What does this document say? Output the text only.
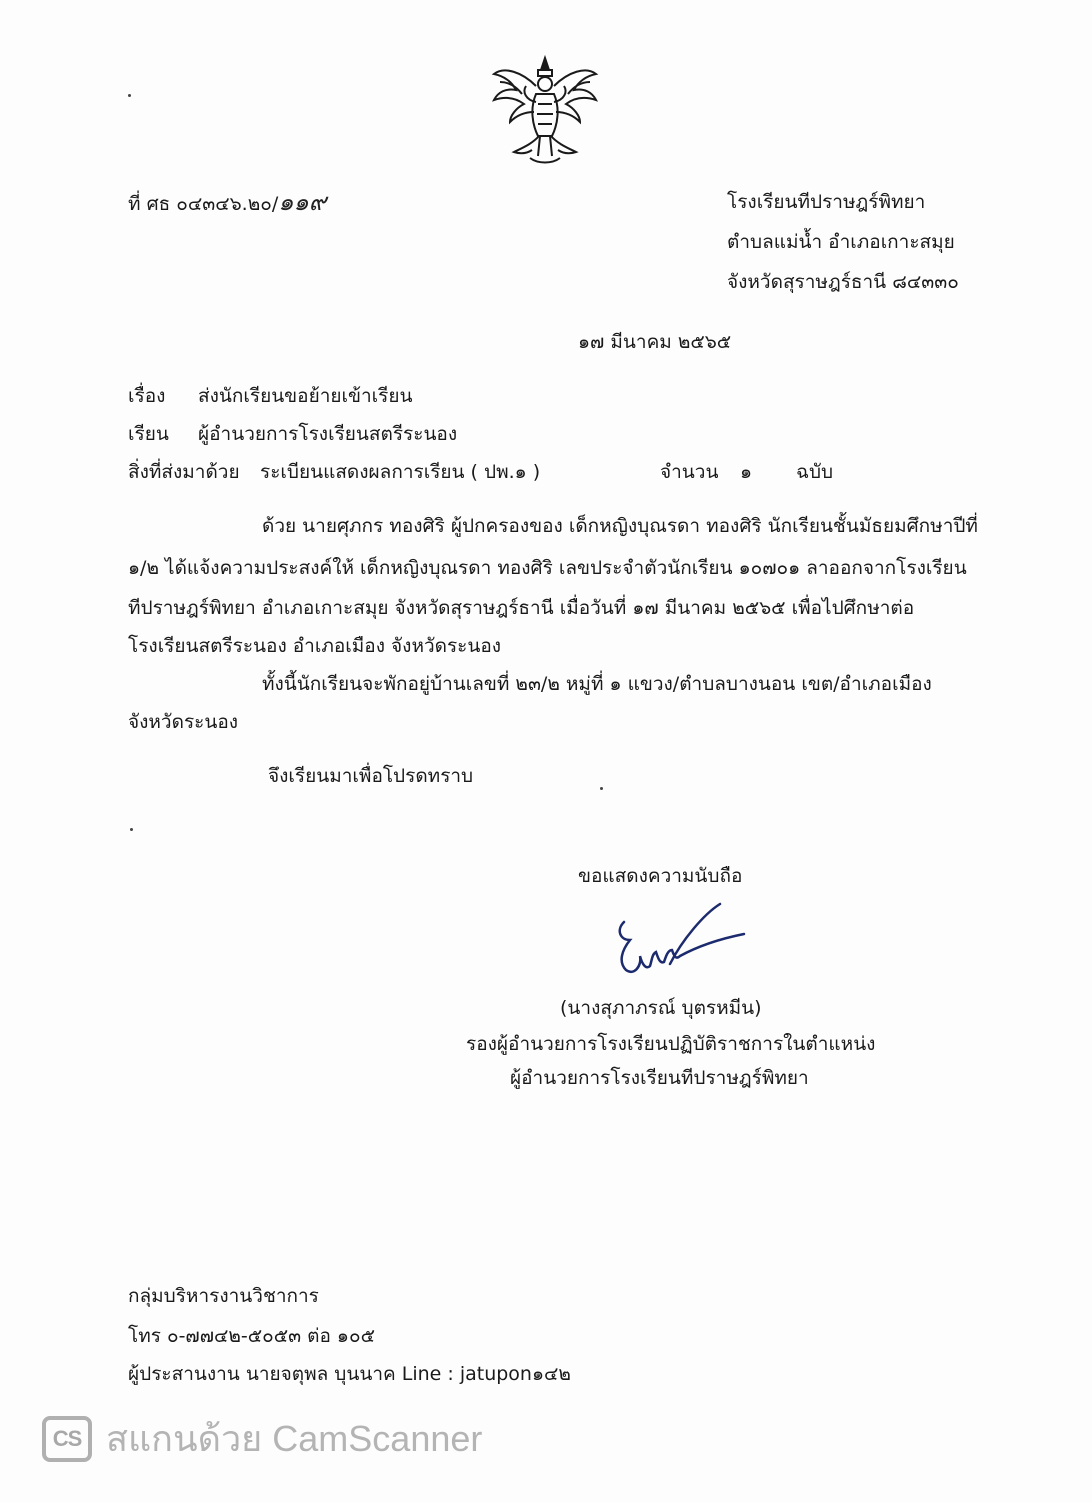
ที่ ศธ ๐๔๓๔๖.๒๐/๑๑๙	โรงเรียนทีปราษฎร์พิทยา
ตำบลแม่น้ำ อำเภอเกาะสมุย
จังหวัดสุราษฎร์ธานี ๘๔๓๓๐
๑๗ มีนาคม ๒๕๖๕
เรื่อง ส่งนักเรียนขอย้ายเข้าเรียน
เรียน ผู้อำนวยการโรงเรียนสตรีระนอง
สิ่งที่ส่งมาด้วย ระเบียนแสดงผลการเรียน ( ปพ.๑ )	จำนวน ๑ ฉบับ
ด้วย นายศุภกร ทองศิริ ผู้ปกครองของ เด็กหญิงบุณรดา ทองศิริ นักเรียนชั้นมัธยมศึกษาปีที่
๑/๒ ได้แจ้งความประสงค์ให้ เด็กหญิงบุณรดา ทองศิริ เลขประจำตัวนักเรียน ๑๐๗๐๑ ลาออกจากโรงเรียน
ทีปราษฎร์พิทยา อำเภอเกาะสมุย จังหวัดสุราษฎร์ธานี เมื่อวันที่ ๑๗ มีนาคม ๒๕๖๕ เพื่อไปศึกษาต่อ
โรงเรียนสตรีระนอง อำเภอเมือง จังหวัดระนอง
ทั้งนี้นักเรียนจะพักอยู่บ้านเลขที่ ๒๓/๒ หมู่ที่ ๑ แขวง/ตำบลบางนอน เขต/อำเภอเมือง
จังหวัดระนอง
จึงเรียนมาเพื่อโปรดทราบ
ขอแสดงความนับถือ
(นางสุภาภรณ์ บุตรหมีน)
รองผู้อำนวยการโรงเรียนปฏิบัติราชการในตำแหน่ง
ผู้อำนวยการโรงเรียนทีปราษฎร์พิทยา
กลุ่มบริหารงานวิชาการ
โทร ๐-๗๗๔๒-๕๐๕๓ ต่อ ๑๐๕
ผู้ประสานงาน นายจตุพล บุนนาค Line : jatupon๑๔๒
CS สแกนด้วย CamScanner
